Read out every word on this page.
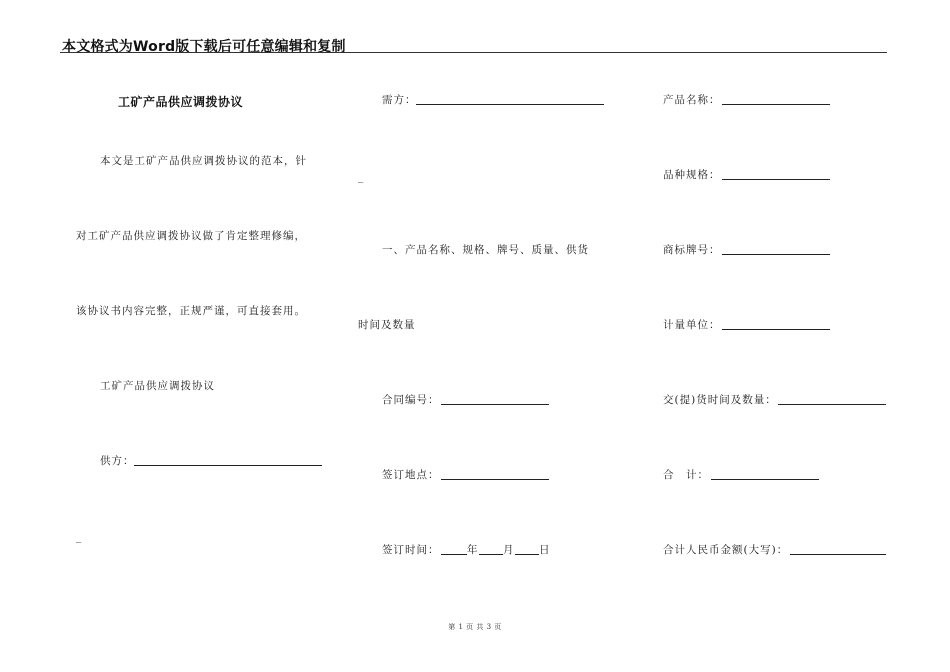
本文格式为Word版下载后可任意编辑和复制
工矿产品供应调拨协议
本文是工矿产品供应调拨协议的范本，针
对工矿产品供应调拨协议做了肯定整理修编，
该协议书内容完整，正规严谨，可直接套用。
工矿产品供应调拨协议
供方：
_
需方：
_
一、产品名称、规格、牌号、质量、供货
时间及数量
合同编号：
签订地点：
签订时间：	年 月 日
产品名称：
品种规格：
商标牌号：
计量单位：
交(提)货时间及数量：
合　计：
合计人民币金额(大写)：
第 1 页 共 3 页
